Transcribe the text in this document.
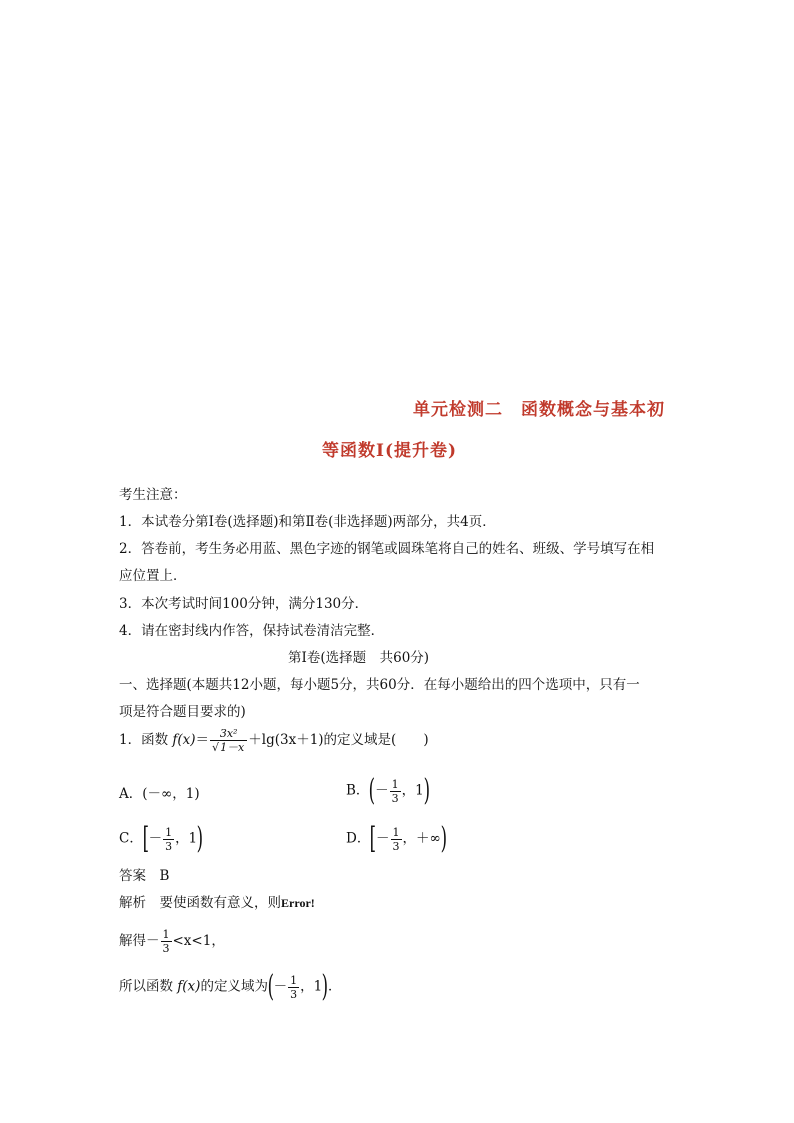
单元检测二　函数概念与基本初
等函数Ⅰ(提升卷)
考生注意：
1．本试卷分第Ⅰ卷(选择题)和第Ⅱ卷(非选择题)两部分，共4页．
2．答卷前，考生务必用蓝、黑色字迹的钢笔或圆珠笔将自己的姓名、班级、学号填写在相
应位置上．
3．本次考试时间100分钟，满分130分．
4．请在密封线内作答，保持试卷清洁完整．
第Ⅰ卷(选择题　共60分)
一、选择题(本题共12小题，每小题5分，共60分．在每小题给出的四个选项中，只有一
项是符合题目要求的)
1．函数 $f(x)= \frac{\text{3x²}}{√1-x} +\lg(3x+1)$的定义域是(　　)
A．(－∞，1)	B．(－ $\frac{1}{3}$ ，1)
C．[－ $\frac{1}{3}$ ，1)	D．[－ $\frac{1}{3}$ ，＋∞)
答案　 B
解析　 要使函数有意义，则Error!
解得－ $\frac{1}{3} <x<1$，
所以函数 f(x)的定义域为(－ $\frac{1}{3}$ ，1)．
